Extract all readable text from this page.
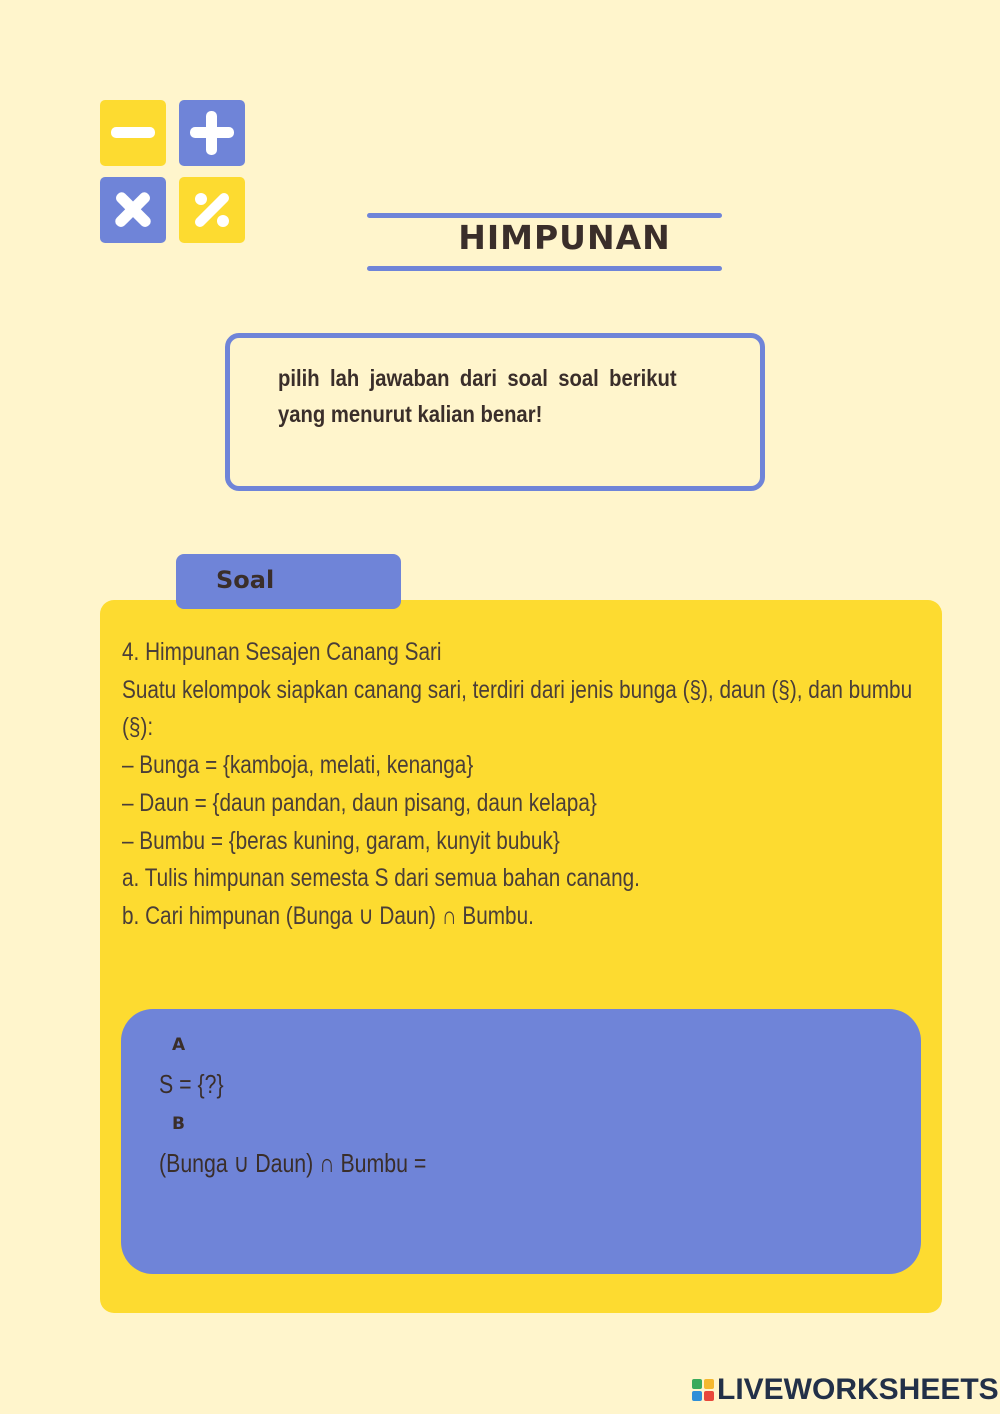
HIMPUNAN
pilih lah jawaban dari soal soal berikut yang menurut kalian benar!
Soal
4. Himpunan Sesajen Canang Sari
Suatu kelompok siapkan canang sari, terdiri dari jenis bunga (§), daun (§), dan bumbu
(§):
– Bunga = {kamboja, melati, kenanga}
– Daun = {daun pandan, daun pisang, daun kelapa}
– Bumbu = {beras kuning, garam, kunyit bubuk}
a. Tulis himpunan semesta S dari semua bahan canang.
b. Cari himpunan (Bunga ∪ Daun) ∩ Bumbu.
A
S = {?}
B
(Bunga ∪ Daun) ∩ Bumbu =
LIVEWORKSHEETS
